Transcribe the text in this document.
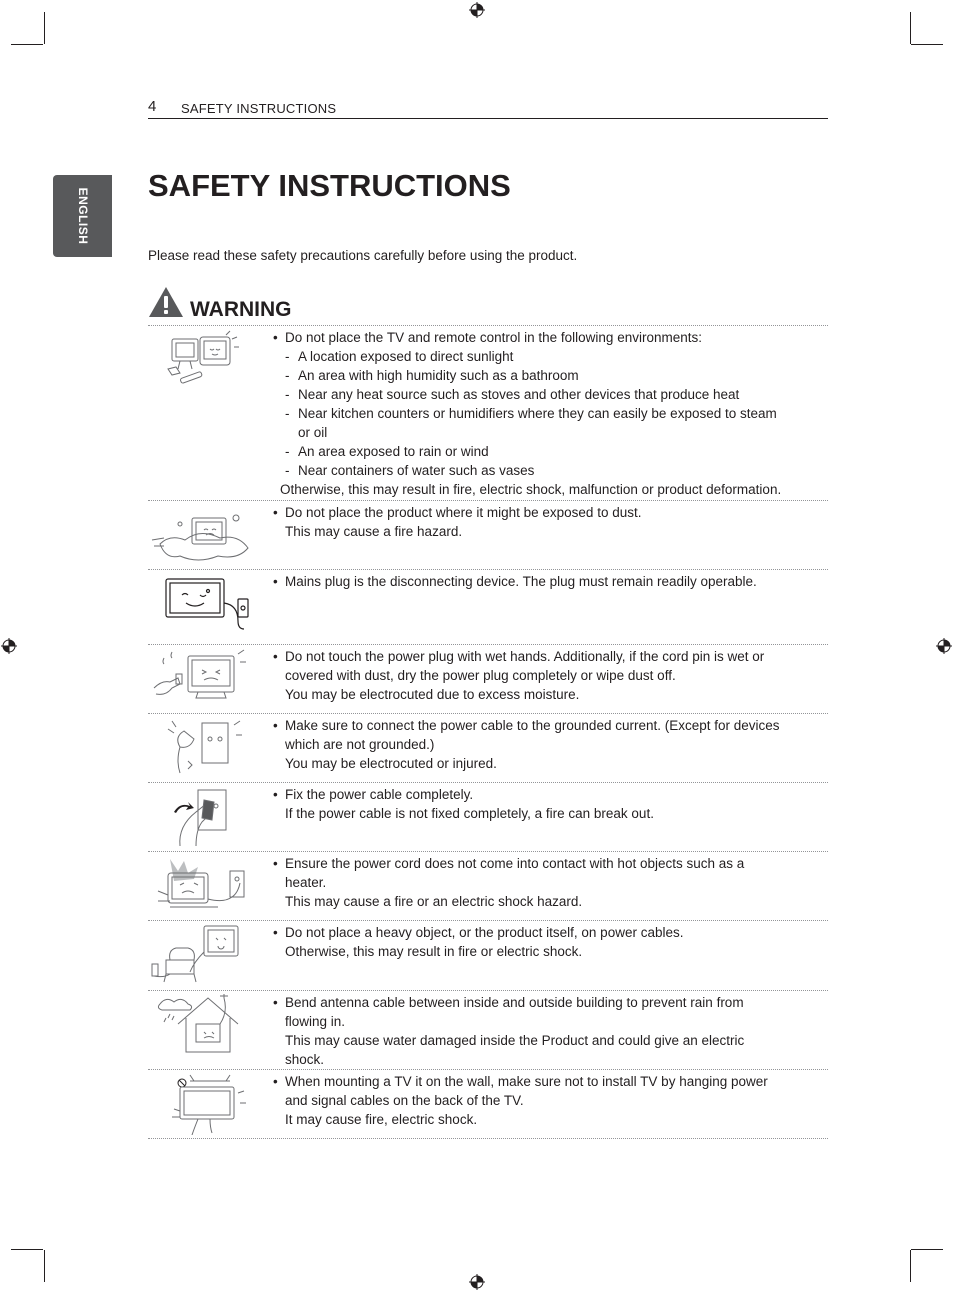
4 SAFETY INSTRUCTIONS
ENGLISH
SAFETY INSTRUCTIONS
Please read these safety precautions carefully before using the product.
WARNING
• Do not place the TV and remote control in the following environments:
- A location exposed to direct sunlight
- An area with high humidity such as a bathroom
- Near any heat source such as stoves and other devices that produce heat
- Near kitchen counters or humidifiers where they can easily be exposed to steam
or oil
- An area exposed to rain or wind
- Near containers of water such as vases
Otherwise, this may result in fire, electric shock, malfunction or product deformation.
• Do not place the product where it might be exposed to dust.
This may cause a fire hazard.
• Mains plug is the disconnecting device. The plug must remain readily operable.
• Do not touch the power plug with wet hands. Additionally, if the cord pin is wet or
covered with dust, dry the power plug completely or wipe dust off.
You may be electrocuted due to excess moisture.
• Make sure to connect the power cable to the grounded current. (Except for devices
which are not grounded.)
You may be electrocuted or injured.
• Fix the power cable completely.
If the power cable is not fixed completely, a fire can break out.
• Ensure the power cord does not come into contact with hot objects such as a
heater.
This may cause a fire or an electric shock hazard.
• Do not place a heavy object, or the product itself, on power cables.
Otherwise, this may result in fire or electric shock.
• Bend antenna cable between inside and outside building to prevent rain from
flowing in.
This may cause water damaged inside the Product and could give an electric
shock.
• When mounting a TV it on the wall, make sure not to install TV by hanging power
and signal cables on the back of the TV.
It may cause fire, electric shock.
